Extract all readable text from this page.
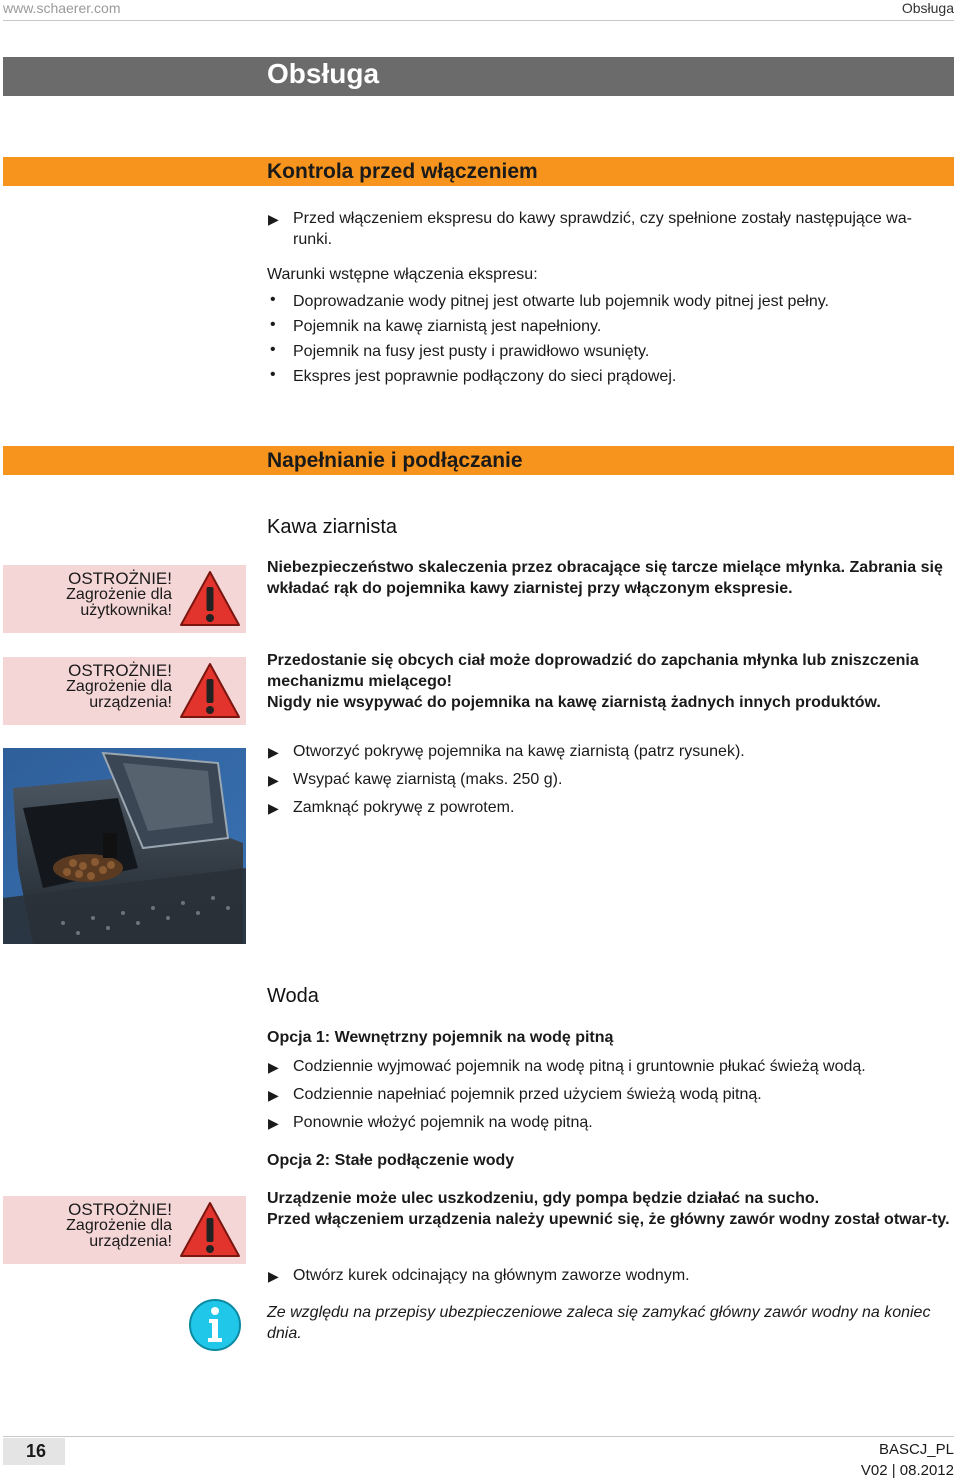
www.schaerer.com	Obsługa
Obsługa
Kontrola przed włączeniem
▶ Przed włączeniem ekspresu do kawy sprawdzić, czy spełnione zostały następujące wa-runki.
Warunki wstępne włączenia ekspresu:
• Doprowadzanie wody pitnej jest otwarte lub pojemnik wody pitnej jest pełny.
• Pojemnik na kawę ziarnistą jest napełniony.
• Pojemnik na fusy jest pusty i prawidłowo wsunięty.
• Ekspres jest poprawnie podłączony do sieci prądowej.
Napełnianie i podłączanie
Kawa ziarnista
OSTROŻNIE!
Zagrożenie dla
użytkownika!
Niebezpieczeństwo skaleczenia przez obracające się tarcze mielące młynka. Zabrania się wkładać rąk do pojemnika kawy ziarnistej przy włączonym ekspresie.
OSTROŻNIE!
Zagrożenie dla
urządzenia!
Przedostanie się obcych ciał może doprowadzić do zapchania młynka lub zniszczenia mechanizmu mielącego!
Nigdy nie wsypywać do pojemnika na kawę ziarnistą żadnych innych produktów.
▶ Otworzyć pokrywę pojemnika na kawę ziarnistą (patrz rysunek).
▶ Wsypać kawę ziarnistą (maks. 250 g).
▶ Zamknąć pokrywę z powrotem.
Woda
Opcja 1: Wewnętrzny pojemnik na wodę pitną
▶ Codziennie wyjmować pojemnik na wodę pitną i gruntownie płukać świeżą wodą.
▶ Codziennie napełniać pojemnik przed użyciem świeżą wodą pitną.
▶ Ponownie włożyć pojemnik na wodę pitną.
Opcja 2: Stałe podłączenie wody
OSTROŻNIE!
Zagrożenie dla
urządzenia!
Urządzenie może ulec uszkodzeniu, gdy pompa będzie działać na sucho.
Przed włączeniem urządzenia należy upewnić się, że główny zawór wodny został otwar-ty.
▶ Otwórz kurek odcinający na głównym zaworze wodnym.
Ze względu na przepisy ubezpieczeniowe zaleca się zamykać główny zawór wodny na koniec dnia.
16	BASCJ_PL
V02 | 08.2012
